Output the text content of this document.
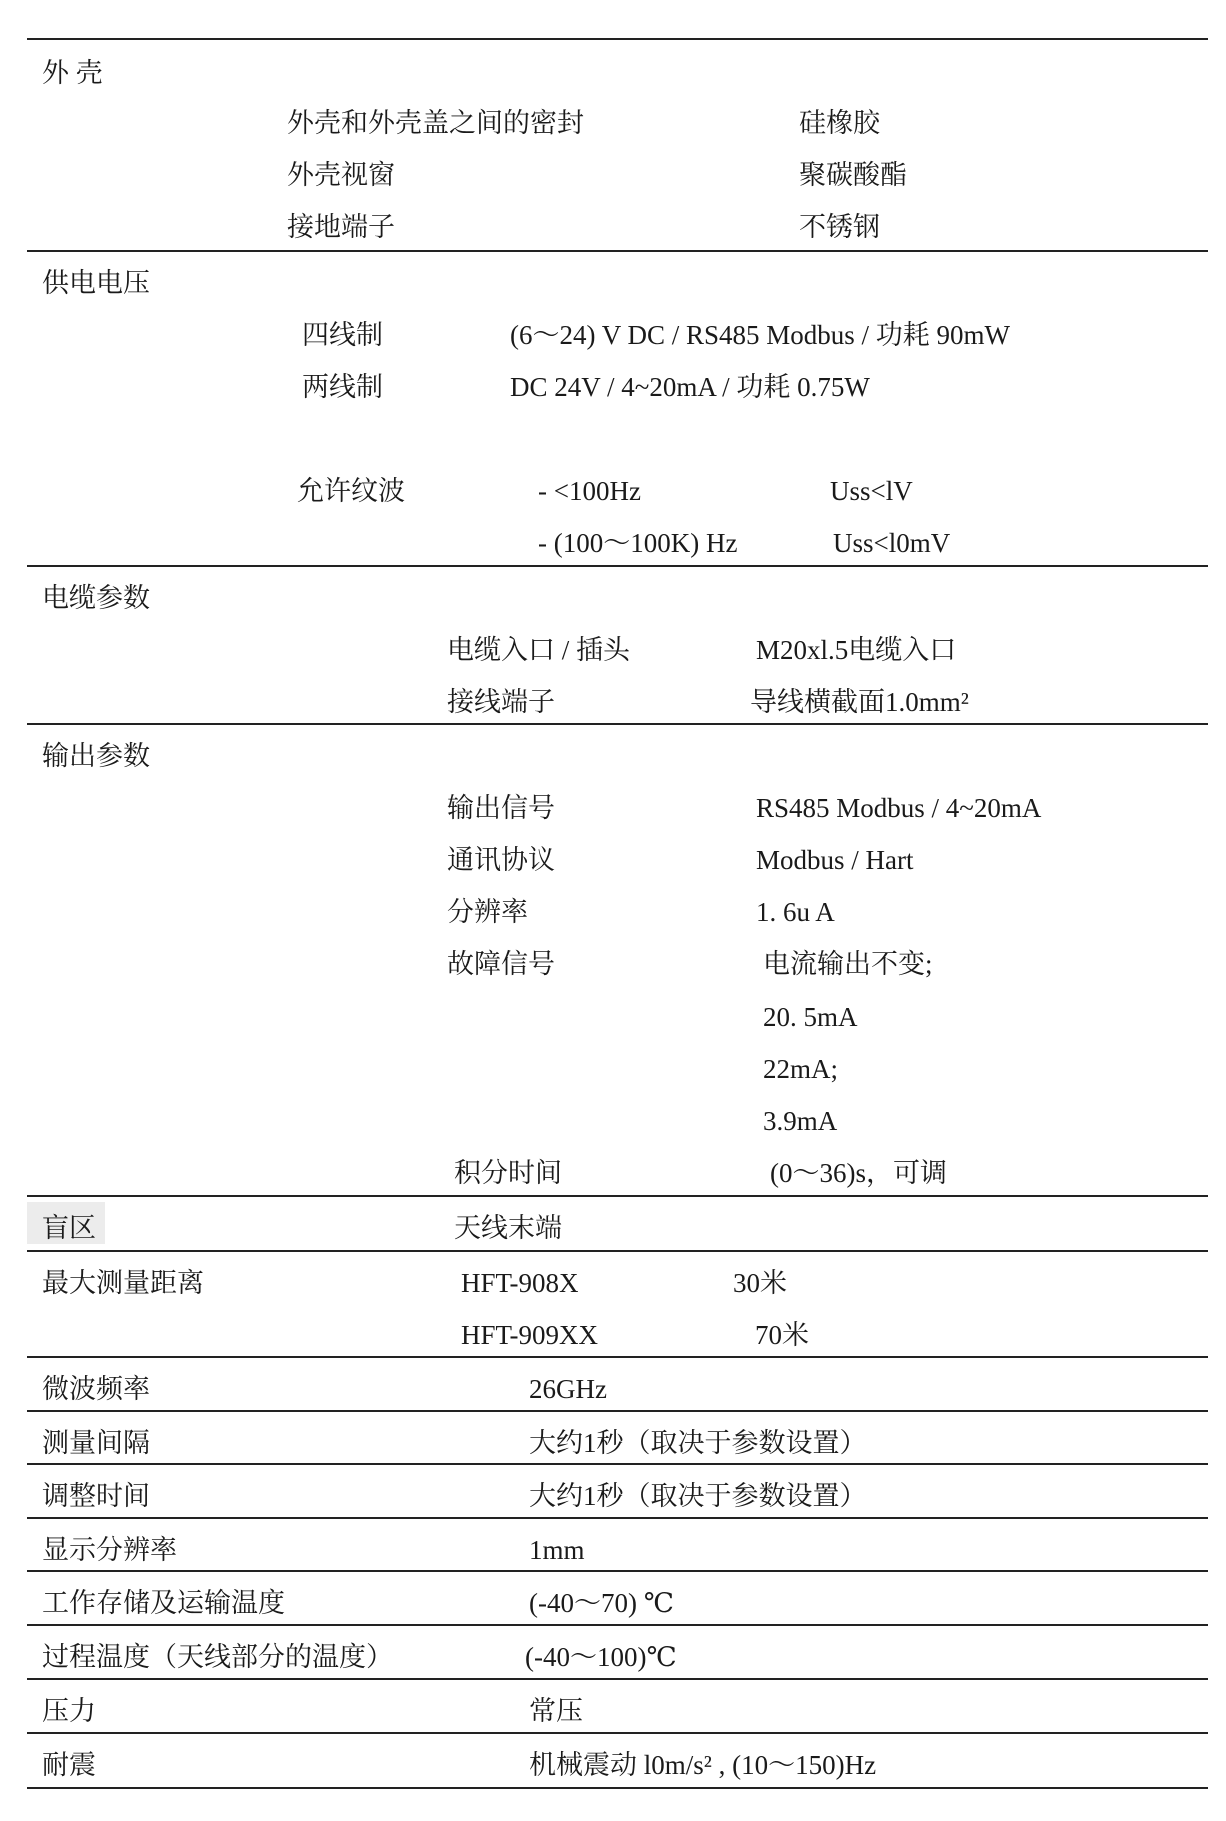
外 壳
外壳和外壳盖之间的密封	硅橡胶
外壳视窗	聚碳酸酯
接地端子	不锈钢
供电电压
四线制	(6～24) V DC / RS485 Modbus / 功耗 90mW
两线制	DC 24V / 4~20mA / 功耗 0.75W
允许纹波	- <100Hz	Uss<lV
- (100～100K) Hz	Uss<l0mV
电缆参数
电缆入口 / 插头	M20xl.5电缆入口
接线端子	导线横截面1.0mm²
输出参数
输出信号	RS485 Modbus / 4~20mA
通讯协议	Modbus / Hart
分辨率	1. 6u A
故障信号	电流输出不变;
20. 5mA
22mA;
3.9mA
积分时间	(0～36)s，可调
盲区	天线末端
最大测量距离	HFT-908X	30米
HFT-909XX	70米
微波频率	26GHz
测量间隔	大约1秒（取决于参数设置）
调整时间	大约1秒（取决于参数设置）
显示分辨率	1mm
工作存储及运输温度	(-40～70) ℃
过程温度（天线部分的温度）	(-40～100)℃
压力	常压
耐震	机械震动 l0m/s² , (10～150)Hz
